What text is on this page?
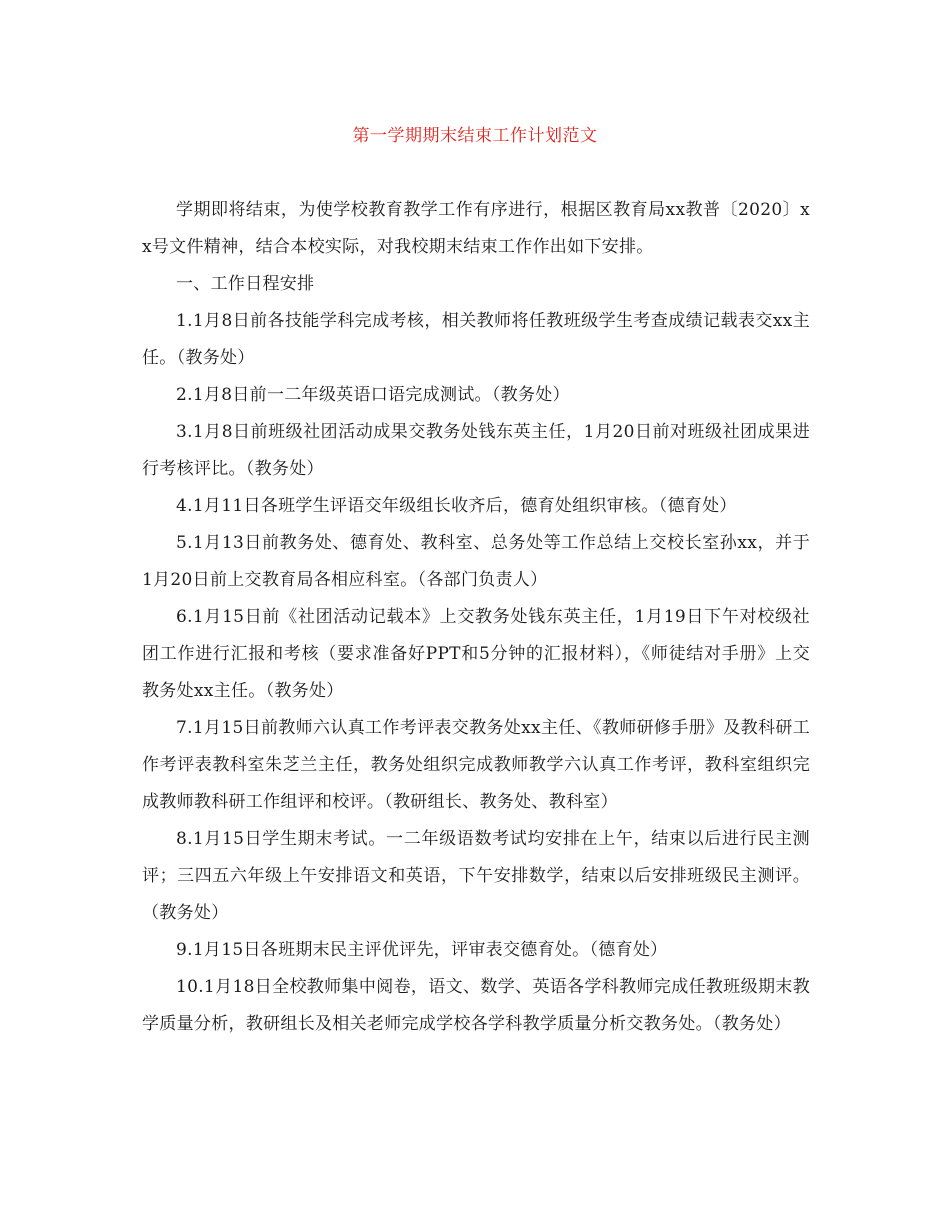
第一学期期末结束工作计划范文

学期即将结束，为使学校教育教学工作有序进行，根据区教育局xx教普〔2020〕xx号文件精神，结合本校实际，对我校期末结束工作作出如下安排。

一、工作日程安排

1.1月8日前各技能学科完成考核，相关教师将任教班级学生考查成绩记载表交xx主任。（教务处）

2.1月8日前一二年级英语口语完成测试。（教务处）

3.1月8日前班级社团活动成果交教务处钱东英主任，1月20日前对班级社团成果进行考核评比。（教务处）

4.1月11日各班学生评语交年级组长收齐后，德育处组织审核。（德育处）

5.1月13日前教务处、德育处、教科室、总务处等工作总结上交校长室孙xx，并于1月20日前上交教育局各相应科室。（各部门负责人）

6.1月15日前《社团活动记载本》上交教务处钱东英主任，1月19日下午对校级社团工作进行汇报和考核（要求准备好PPT和5分钟的汇报材料），《师徒结对手册》上交教务处xx主任。（教务处）

7.1月15日前教师六认真工作考评表交教务处xx主任、《教师研修手册》及教科研工作考评表教科室朱芝兰主任，教务处组织完成教师教学六认真工作考评，教科室组织完成教师教科研工作组评和校评。（教研组长、教务处、教科室）

8.1月15日学生期末考试。一二年级语数考试均安排在上午，结束以后进行民主测评；三四五六年级上午安排语文和英语，下午安排数学，结束以后安排班级民主测评。（教务处）

9.1月15日各班期末民主评优评先，评审表交德育处。（德育处）

10.1月18日全校教师集中阅卷，语文、数学、英语各学科教师完成任教班级期末教学质量分析，教研组长及相关老师完成学校各学科教学质量分析交教务处。（教务处）
